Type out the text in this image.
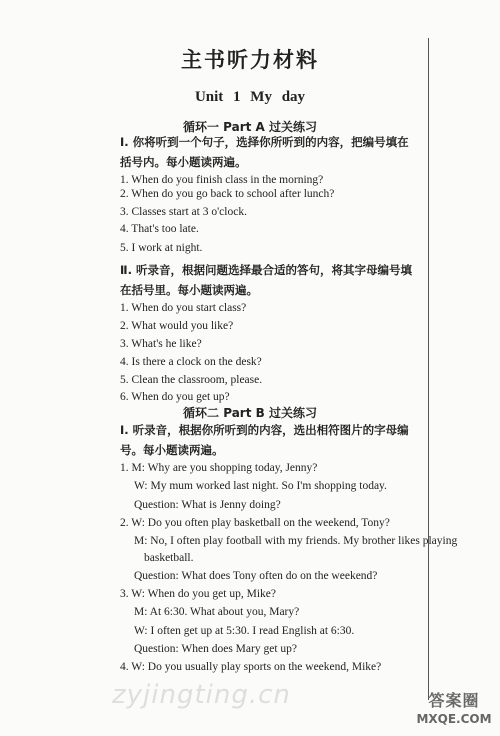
主书听力材料
Unit 1 My day
循环一 Part A 过关练习
Ⅰ. 你将听到一个句子，选择你所听到的内容，把编号填在括号内。每小题读两遍。
1. When do you finish class in the morning?
2. When do you go back to school after lunch?
3. Classes start at 3 o'clock.
4. That's too late.
5. I work at night.
Ⅱ. 听录音，根据问题选择最合适的答句，将其字母编号填在括号里。每小题读两遍。
1. When do you start class?
2. What would you like?
3. What's he like?
4. Is there a clock on the desk?
5. Clean the classroom, please.
6. When do you get up?
循环二 Part B 过关练习
Ⅰ. 听录音，根据你所听到的内容，选出相符图片的字母编号。每小题读两遍。
1. M: Why are you shopping today, Jenny?
W: My mum worked last night. So I'm shopping today.
Question: What is Jenny doing?
2. W: Do you often play basketball on the weekend, Tony?
M: No, I often play football with my friends. My brother likes playing
basketball.
Question: What does Tony often do on the weekend?
3. W: When do you get up, Mike?
M: At 6:30. What about you, Mary?
W: I often get up at 5:30. I read English at 6:30.
Question: When does Mary get up?
4. W: Do you usually play sports on the weekend, Mike?
zyjingting.cn	答案圈
MXQE.COM
